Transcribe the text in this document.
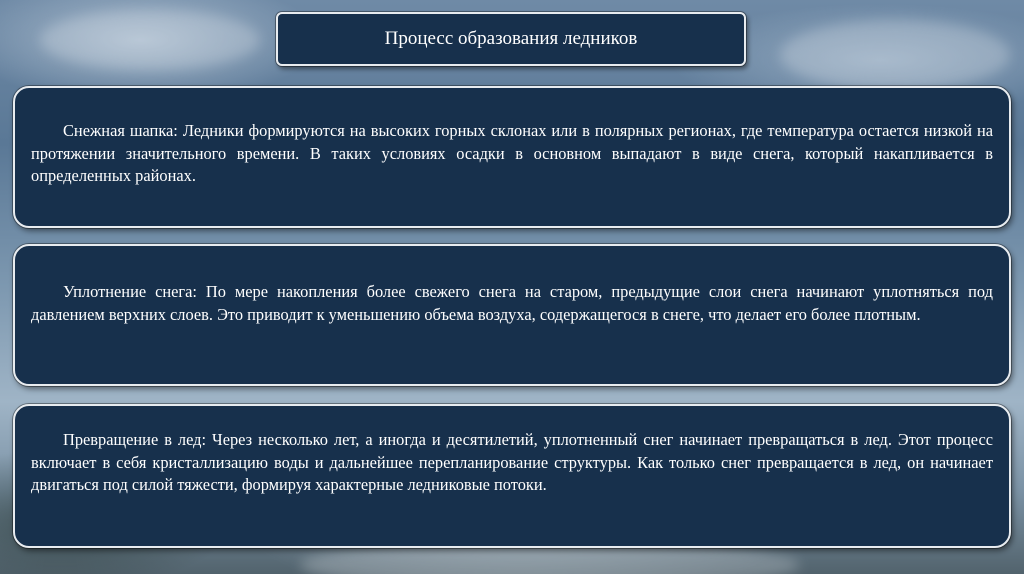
Процесс образования ледников

Снежная шапка: Ледники формируются на высоких горных склонах или в полярных регионах, где температура остается низкой на протяжении значительного времени. В таких условиях осадки в основном выпадают в виде снега, который накапливается в определенных районах.

Уплотнение снега: По мере накопления более свежего снега на старом, предыдущие слои снега начинают уплотняться под давлением верхних слоев. Это приводит к уменьшению объема воздуха, содержащегося в снеге, что делает его более плотным.

Превращение в лед: Через несколько лет, а иногда и десятилетий, уплотненный снег начинает превращаться в лед. Этот процесс включает в себя кристаллизацию воды и дальнейшее перепланирование структуры. Как только снег превращается в лед, он начинает двигаться под силой тяжести, формируя характерные ледниковые потоки.
